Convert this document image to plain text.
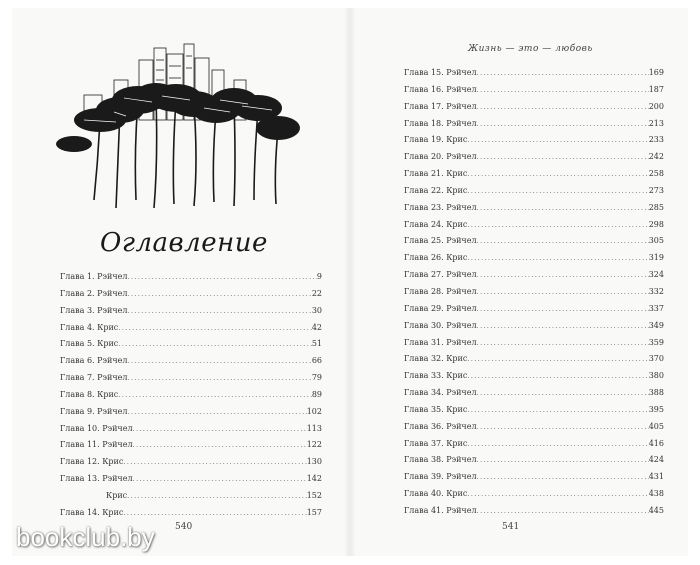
Оглавление
Глава 1. Рэйчел .....	9
Глава 2. Рэйчел .....	22
Глава 3. Рэйчел .....	30
Глава 4. Крис .....	42
Глава 5. Крис .....	51
Глава 6. Рэйчел .....	66
Глава 7. Рэйчел .....	79
Глава 8. Крис .....	89
Глава 9. Рэйчел .....	102
Глава 10. Рэйчел .....	113
Глава 11. Рэйчел .....	122
Глава 12. Крис .....	130
Глава 13. Рэйчел .....	142
Крис .....	152
Глава 14. Крис .....	157
540
Жизнь — это — любовь
Глава 15. Рэйчел .....	169
Глава 16. Рэйчел .....	187
Глава 17. Рэйчел .....	200
Глава 18. Рэйчел .....	213
Глава 19. Крис .....	233
Глава 20. Рэйчел .....	242
Глава 21. Крис .....	258
Глава 22. Крис .....	273
Глава 23. Рэйчел .....	285
Глава 24. Крис .....	298
Глава 25. Рэйчел .....	305
Глава 26. Крис .....	319
Глава 27. Рэйчел .....	324
Глава 28. Рэйчел .....	332
Глава 29. Рэйчел .....	337
Глава 30. Рэйчел .....	349
Глава 31. Рэйчел .....	359
Глава 32. Крис .....	370
Глава 33. Крис .....	380
Глава 34. Рэйчел .....	388
Глава 35. Крис .....	395
Глава 36. Рэйчел .....	405
Глава 37. Крис .....	416
Глава 38. Рэйчел .....	424
Глава 39. Рэйчел .....	431
Глава 40. Крис .....	438
Глава 41. Рэйчел .....	445
541
bookclub.by
